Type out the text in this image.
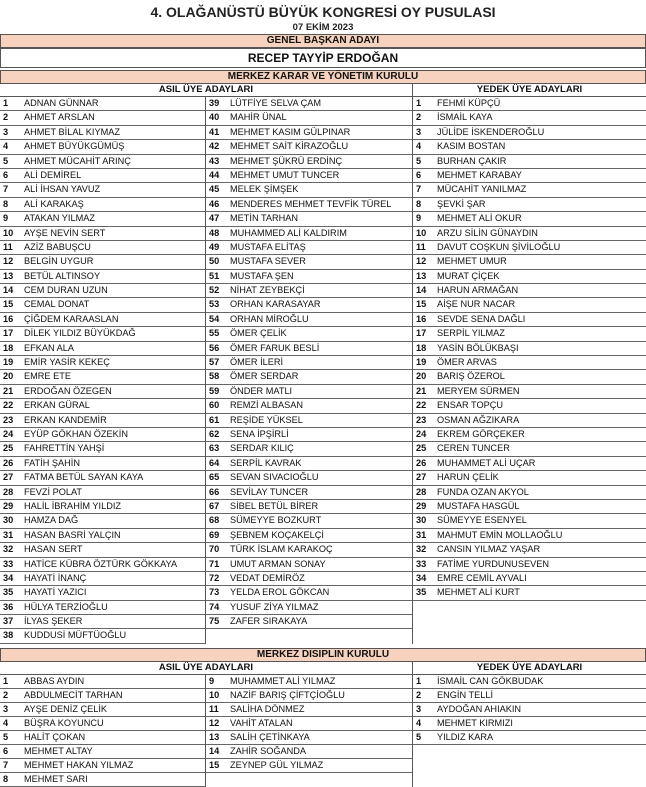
4. OLAĞANÜSTÜ BÜYÜK KONGRESİ OY PUSULASI
07 EKİM 2023
GENEL BAŞKAN ADAYI
RECEP TAYYİP ERDOĞAN
MERKEZ KARAR VE YÖNETIM KURULU
ASIL ÜYE ADAYLARI
1	ADNAN GÜNNAR
2	AHMET ARSLAN
3	AHMET BİLAL KIYMAZ
4	AHMET BÜYÜKGÜMÜŞ
5	AHMET MÜCAHİT ARINÇ
6	ALİ DEMİREL
7	ALİ İHSAN YAVUZ
8	ALİ KARAKAŞ
9	ATAKAN YILMAZ
10	AYŞE NEVİN SERT
11	AZİZ BABUŞCU
12	BELGİN UYGUR
13	BETÜL ALTINSOY
14	CEM DURAN UZUN
15	CEMAL DONAT
16	ÇİĞDEM KARAASLAN
17	DİLEK YILDIZ BÜYÜKDAĞ
18	EFKAN ALA
19	EMİR YASİR KEKEÇ
20	EMRE ETE
21	ERDOĞAN ÖZEGEN
22	ERKAN GÜRAL
23	ERKAN KANDEMİR
24	EYÜP GÖKHAN ÖZEKİN
25	FAHRETTİN YAHŞİ
26	FATİH ŞAHİN
27	FATMA BETÜL SAYAN KAYA
28	FEVZİ POLAT
29	HALİL İBRAHİM YILDIZ
30	HAMZA DAĞ
31	HASAN BASRİ YALÇIN
32	HASAN SERT
33	HATİCE KÜBRA ÖZTÜRK GÖKKAYA
34	HAYATİ İNANÇ
35	HAYATİ YAZICI
36	HÜLYA TERZİOĞLU
37	İLYAS ŞEKER
38	KUDDUSİ MÜFTÜOĞLU
39	LÜTFİYE SELVA ÇAM
40	MAHİR ÜNAL
41	MEHMET KASIM GÜLPINAR
42	MEHMET SAİT KİRAZOĞLU
43	MEHMET ŞÜKRÜ ERDİNÇ
44	MEHMET UMUT TUNCER
45	MELEK ŞİMŞEK
46	MENDERES MEHMET TEVFİK TÜREL
47	METİN TARHAN
48	MUHAMMED ALİ KALDIRIM
49	MUSTAFA ELİTAŞ
50	MUSTAFA SEVER
51	MUSTAFA ŞEN
52	NİHAT ZEYBEKÇİ
53	ORHAN KARASAYAR
54	ORHAN MİROĞLU
55	ÖMER ÇELİK
56	ÖMER FARUK BESLİ
57	ÖMER İLERİ
58	ÖMER SERDAR
59	ÖNDER MATLI
60	REMZİ ALBASAN
61	REŞİDE YÜKSEL
62	SENA İPŞİRLİ
63	SERDAR KILIÇ
64	SERPİL KAVRAK
65	SEVAN SIVACIOĞLU
66	SEVİLAY TUNCER
67	SİBEL BETÜL BİRER
68	SÜMEYYE BOZKURT
69	ŞEBNEM KOÇAKELÇİ
70	TÜRK İSLAM KARAKOÇ
71	UMUT ARMAN SONAY
72	VEDAT DEMİRÖZ
73	YELDA EROL GÖKCAN
74	YUSUF ZİYA YILMAZ
75	ZAFER SIRAKAYA
YEDEK ÜYE ADAYLARI
1	FEHMİ KÜPÇÜ
2	İSMAİL KAYA
3	JÜLİDE İSKENDEROĞLU
4	KASIM BOSTAN
5	BURHAN ÇAKIR
6	MEHMET KARABAY
7	MÜCAHİT YANILMAZ
8	ŞEVKİ ŞAR
9	MEHMET ALİ OKUR
10	ARZU SİLİN GÜNAYDIN
11	DAVUT COŞKUN ŞİVİLOĞLU
12	MEHMET UMUR
13	MURAT ÇİÇEK
14	HARUN ARMAĞAN
15	AİŞE NUR NACAR
16	SEVDE SENA DAĞLI
17	SERPİL YILMAZ
18	YASİN BÖLÜKBAŞI
19	ÖMER ARVAS
20	BARIŞ ÖZEROL
21	MERYEM SÜRMEN
22	ENSAR TOPÇU
23	OSMAN AĞZIKARA
24	EKREM GÖRÇEKER
25	CEREN TUNCER
26	MUHAMMET ALİ UÇAR
27	HARUN ÇELİK
28	FUNDA OZAN AKYOL
29	MUSTAFA HASGÜL
30	SÜMEYYE ESENYEL
31	MAHMUT EMİN MOLLAOĞLU
32	CANSIN YILMAZ YAŞAR
33	FATİME YURDUNUSEVEN
34	EMRE CEMİL AYVALI
35	MEHMET ALİ KURT
MERKEZ DISIPLIN KURULU
ASIL ÜYE ADAYLARI
1	ABBAS AYDIN
2	ABDULMECİT TARHAN
3	AYŞE DENİZ ÇELİK
4	BÜŞRA KOYUNCU
5	HALİT ÇOKAN
6	MEHMET ALTAY
7	MEHMET HAKAN YILMAZ
8	MEHMET SARI
9	MUHAMMET ALİ YILMAZ
10	NAZİF BARIŞ ÇİFTÇİOĞLU
11	SALİHA DÖNMEZ
12	VAHİT ATALAN
13	SALİH ÇETİNKAYA
14	ZAHİR SOĞANDA
15	ZEYNEP GÜL YILMAZ
YEDEK ÜYE ADAYLARI
1	İSMAİL CAN GÖKBUDAK
2	ENGİN TELLİ
3	AYDOĞAN AHIAKIN
4	MEHMET KIRMIZI
5	YILDIZ KARA
